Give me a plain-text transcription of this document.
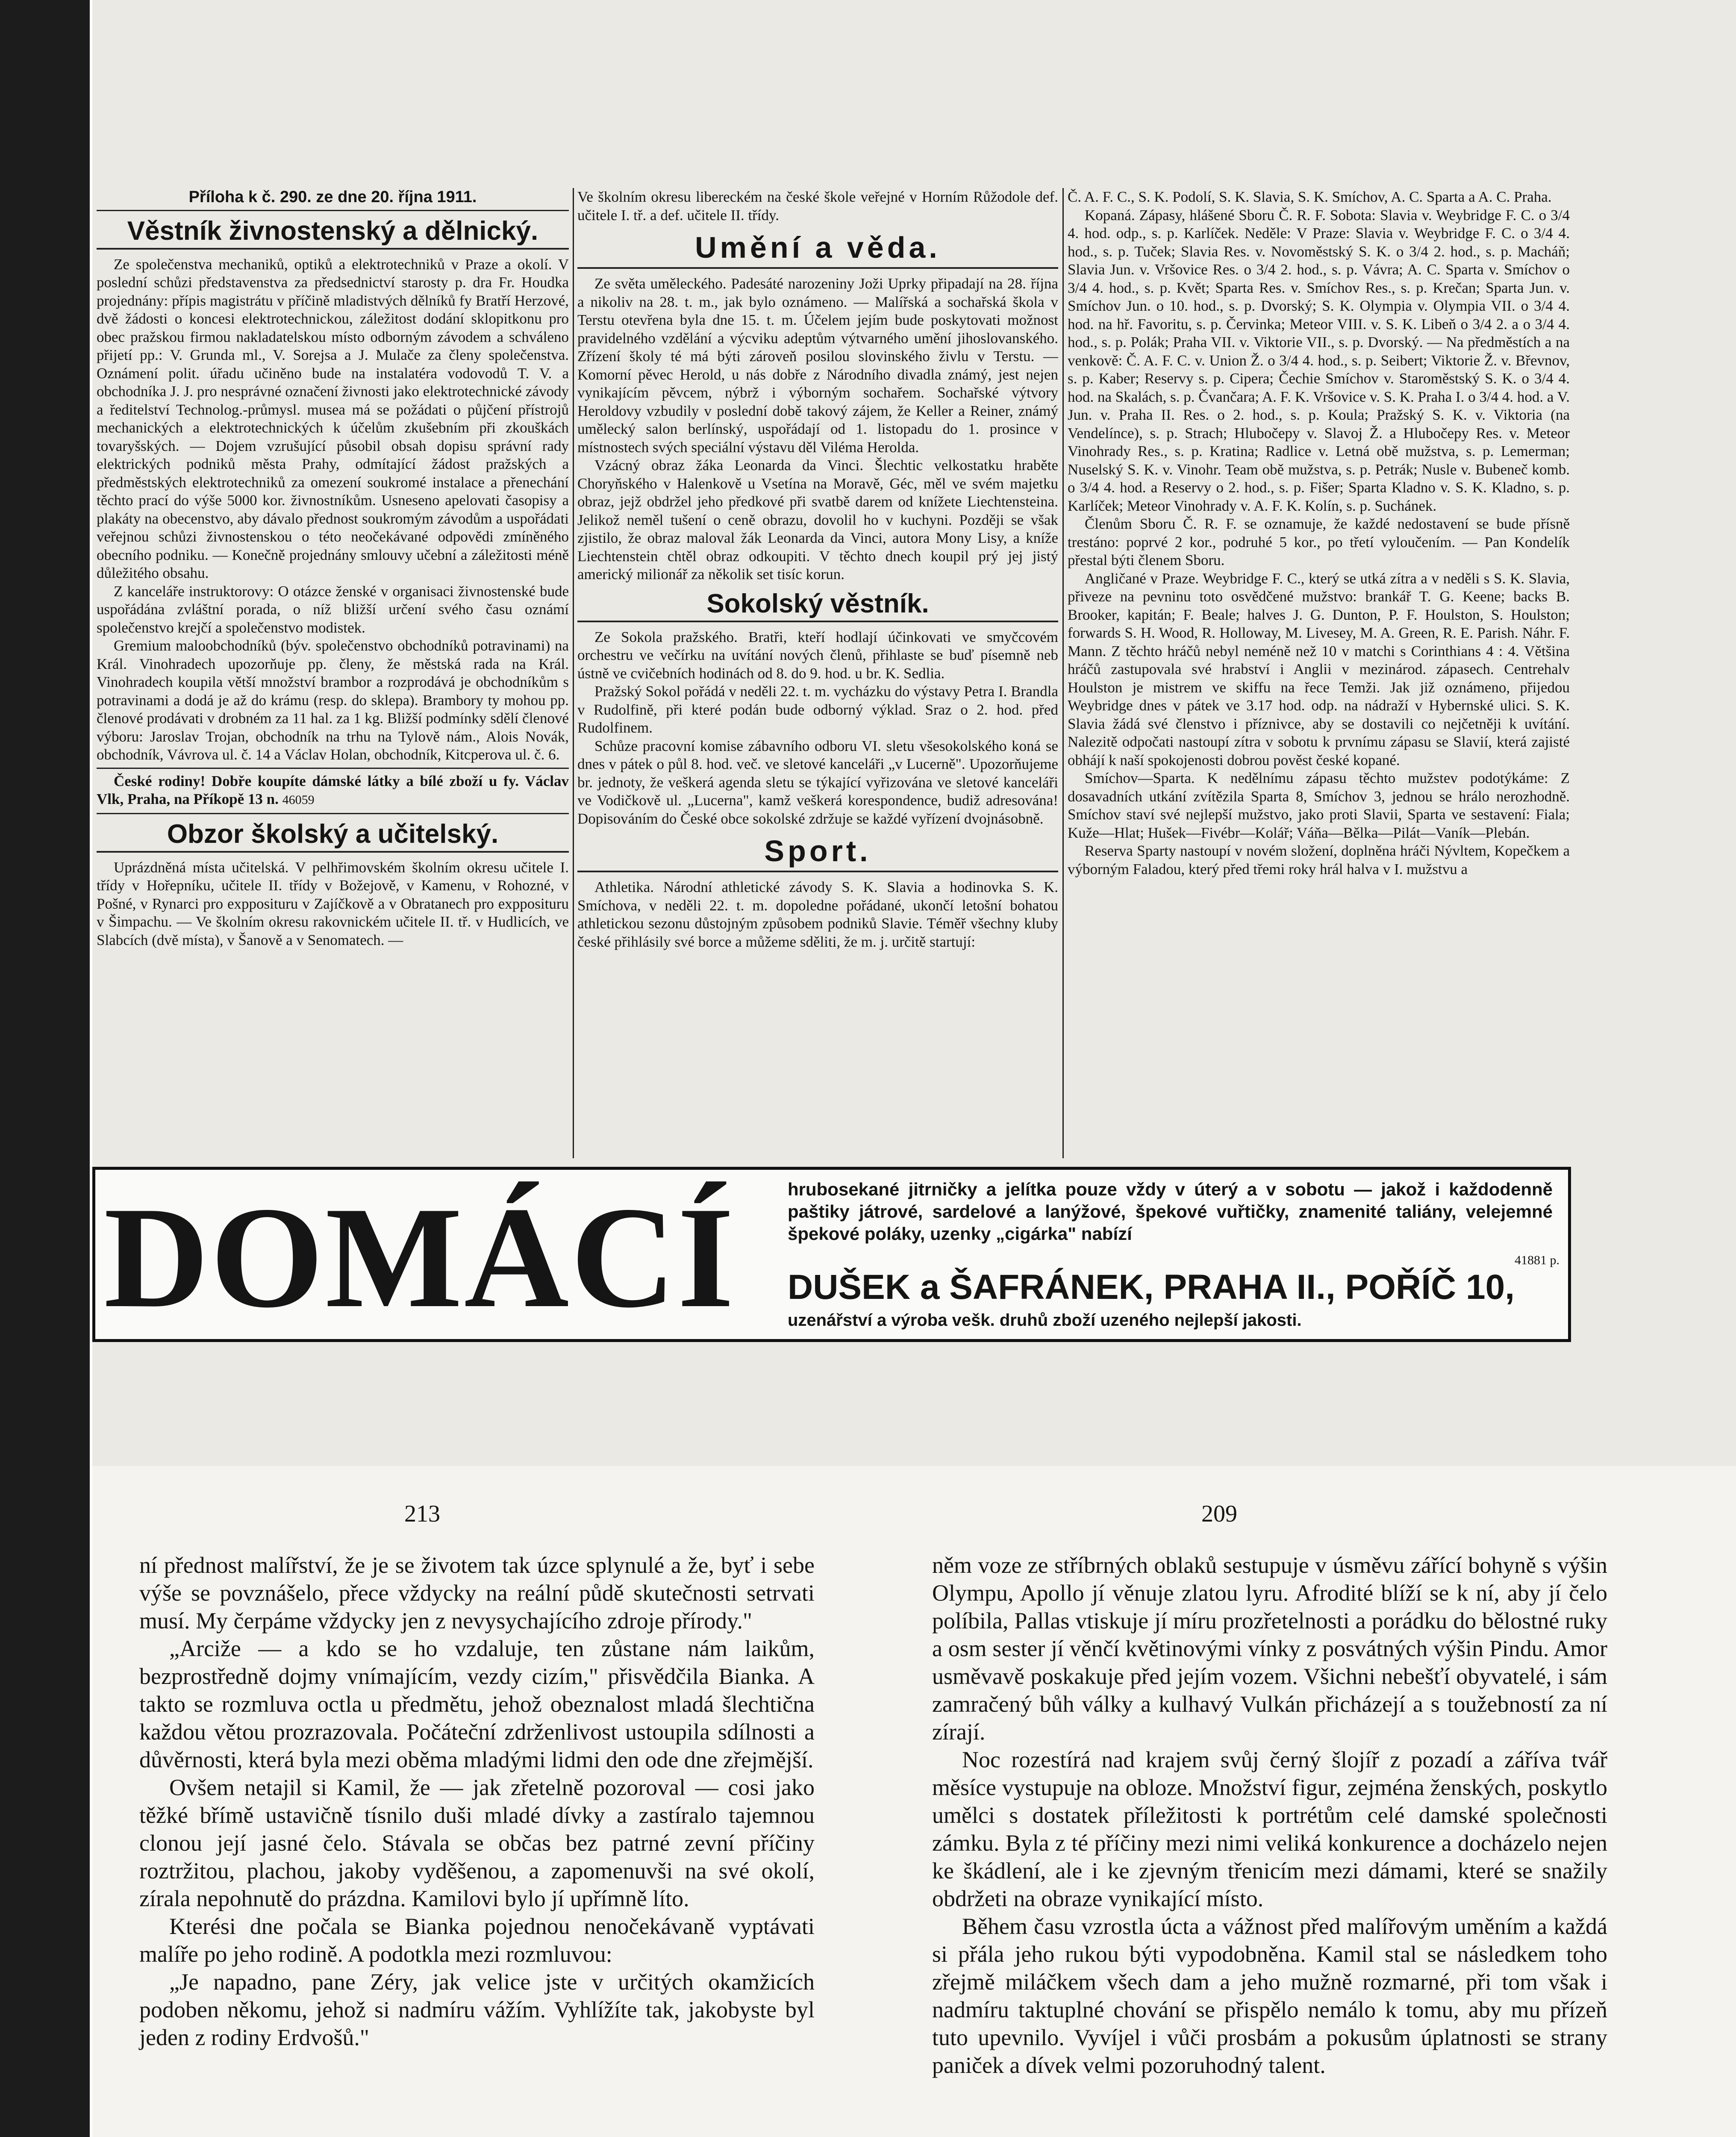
Příloha k č. 290. ze dne 20. října 1911.
Věstník živnostenský a dělnický.

Ze společenstva mechaniků, optiků a elektrotechniků v Praze a okolí. V poslední schůzi představenstva za předsednictví starosty p. dra Fr. Houdka projednány: přípis magistrátu v příčině mladistvých dělníků fy Bratří Herzové, dvě žádosti o koncesi elektrotechnickou, záležitost dodání sklopitkonu pro obec pražskou firmou nakladatelskou místo odborným závodem a schváleno přijetí pp.: V. Grunda ml., V. Sorejsa a J. Mulače za členy společenstva. Oznámení polit. úřadu učiněno bude na instalatéra vodovodů T. V. a obchodníka J. J. pro nesprávné označení živnosti jako elektrotechnické závody a ředitelství Technolog.-průmysl. musea má se požádati o půjčení přístrojů mechanických a elektrotechnických k účelům zkušebním při zkouškách tovaryšských. — Dojem vzrušující působil obsah dopisu správní rady elektrických podniků města Prahy, odmítající žádost pražských a předměstských elektrotechniků za omezení soukromé instalace a přenechání těchto prací do výše 5000 kor. živnostníkům. Usneseno apelovati časopisy a plakáty na obecenstvo, aby dávalo přednost soukromým závodům a uspořádati veřejnou schůzi živnostenskou o této neočekávané odpovědi zmíněného obecního podniku. — Konečně projednány smlouvy učební a záležitosti méně důležitého obsahu.

Z kanceláře instruktorovy: O otázce ženské v organisaci živnostenské bude uspořádána zvláštní porada, o níž bližší určení svého času oznámí společenstvo krejčí a společenstvo modistek.

Gremium maloobchodníků (býv. společenstvo obchodníků potravinami) na Král. Vinohradech upozorňuje pp. členy, že městská rada na Král. Vinohradech koupila větší množství brambor a rozprodává je obchodníkům s potravinami a dodá je až do krámu (resp. do sklepa). Brambory ty mohou pp. členové prodávati v drobném za 11 hal. za 1 kg. Bližší podmínky sdělí členové výboru: Jaroslav Trojan, obchodník na trhu na Tylově nám., Alois Novák, obchodník, Vávrova ul. č. 14 a Václav Holan, obchodník, Kitcperova ul. č. 6.

České rodiny! Dobře koupíte dámské látky a bílé zboží u fy. Václav Vlk, Praha, na Příkopě 13 n. 46059

Obzor školský a učitelský.

Uprázdněná místa učitelská. V pelhřimovském školním okresu učitele I. třídy v Hořepníku, učitele II. třídy v Božejově, v Kamenu, v Rohozné, v Pošné, v Rynarci pro expposituru v Zajíčkově a v Obratanech pro expposituru v Šimpachu. — Ve školním okresu rakovnickém učitele II. tř. v Hudlicích, ve Slabcích (dvě místa), v Šanově a v Senomatech. —

Ve školním okresu libereckém na české škole veřejné v Horním Růžodole def. učitele I. tř. a def. učitele II. třídy.

Umění a věda.

Ze světa uměleckého. Padesáté narozeniny Joži Uprky připadají na 28. října a nikoliv na 28. t. m., jak bylo oznámeno. — Malířská a sochařská škola v Terstu otevřena byla dne 15. t. m. Účelem jejím bude poskytovati možnost pravidelného vzdělání a výcviku adeptům výtvarného umění jihoslovanského. Zřízení školy té má býti zároveň posilou slovinského živlu v Terstu. — Komorní pěvec Herold, u nás dobře z Národního divadla známý, jest nejen vynikajícím pěvcem, nýbrž i výborným sochařem. Sochařské výtvory Heroldovy vzbudily v poslední době takový zájem, že Keller a Reiner, známý umělecký salon berlínský, uspořádají od 1. listopadu do 1. prosince v místnostech svých speciální výstavu děl Viléma Herolda.

Vzácný obraz žáka Leonarda da Vinci. Šlechtic velkostatku hraběte Choryňského v Halenkově u Vsetína na Moravě, Géc, měl ve svém majetku obraz, jejž obdržel jeho předkové při svatbě darem od knížete Liechtensteina. Jelikož neměl tušení o ceně obrazu, dovolil ho v kuchyni. Později se však zjistilo, že obraz maloval žák Leonarda da Vinci, autora Mony Lisy, a kníže Liechtenstein chtěl obraz odkoupiti. V těchto dnech koupil prý jej jistý americký milionář za několik set tisíc korun.

Sokolský věstník.

Ze Sokola pražského. Bratři, kteří hodlají účinkovati ve smyčcovém orchestru ve večírku na uvítání nových členů, přihlaste se buď písemně neb ústně ve cvičebních hodinách od 8. do 9. hod. u br. K. Sedlia.

Pražský Sokol pořádá v neděli 22. t. m. vycházku do výstavy Petra I. Brandla v Rudolfině, při které podán bude odborný výklad. Sraz o 2. hod. před Rudolfinem.

Schůze pracovní komise zábavního odboru VI. sletu všesokolského koná se dnes v pátek o půl 8. hod. več. ve sletové kanceláři „v Lucerně". Upozorňujeme br. jednoty, že veškerá agenda sletu se týkající vyřizována ve sletové kanceláři ve Vodičkově ul. „Lucerna", kamž veškerá korespondence, budiž adresována! Dopisováním do České obce sokolské zdržuje se každé vyřízení dvojnásobně.

Sport.

Athletika. Národní athletické závody S. K. Slavia a hodinovka S. K. Smíchova, v neděli 22. t. m. dopoledne pořádané, ukončí letošní bohatou athletickou sezonu důstojným způsobem podniků Slavie. Téměř všechny kluby české přihlásily své borce a můžeme sděliti, že m. j. určitě startují:

Č. A. F. C., S. K. Podolí, S. K. Slavia, S. K. Smíchov, A. C. Sparta a A. C. Praha.

Kopaná. Zápasy, hlášené Sboru Č. R. F. Sobota: Slavia v. Weybridge F. C. o 3/4 4. hod. odp., s. p. Karlíček. Neděle: V Praze: Slavia v. Weybridge F. C. o 3/4 4. hod., s. p. Tuček; Slavia Res. v. Novoměstský S. K. o 3/4 2. hod., s. p. Macháň; Slavia Jun. v. Vršovice Res. o 3/4 2. hod., s. p. Vávra; A. C. Sparta v. Smíchov o 3/4 4. hod., s. p. Květ; Sparta Res. v. Smíchov Res., s. p. Krečan; Sparta Jun. v. Smíchov Jun. o 10. hod., s. p. Dvorský; S. K. Olympia v. Olympia VII. o 3/4 4. hod. na hř. Favoritu, s. p. Červinka; Meteor VIII. v. S. K. Libeň o 3/4 2. a o 3/4 4. hod., s. p. Polák; Praha VII. v. Viktorie VII., s. p. Dvorský. — Na předměstích a na venkově: Č. A. F. C. v. Union Ž. o 3/4 4. hod., s. p. Seibert; Viktorie Ž. v. Břevnov, s. p. Kaber; Reservy s. p. Cipera; Čechie Smíchov v. Staroměstský S. K. o 3/4 4. hod. na Skalách, s. p. Čvančara; A. F. K. Vršovice v. S. K. Praha I. o 3/4 4. hod. a V. Jun. v. Praha II. Res. o 2. hod., s. p. Koula; Pražský S. K. v. Viktoria (na Vendelínce), s. p. Strach; Hlubočepy v. Slavoj Ž. a Hlubočepy Res. v. Meteor Vinohrady Res., s. p. Kratina; Radlice v. Letná obě mužstva, s. p. Lemerman; Nuselský S. K. v. Vinohr. Team obě mužstva, s. p. Petrák; Nusle v. Bubeneč komb. o 3/4 4. hod. a Reservy o 2. hod., s. p. Fišer; Sparta Kladno v. S. K. Kladno, s. p. Karlíček; Meteor Vinohrady v. A. F. K. Kolín, s. p. Suchánek.

Členům Sboru Č. R. F. se oznamuje, že každé nedostavení se bude přísně trestáno: poprvé 2 kor., podruhé 5 kor., po třetí vyloučením. — Pan Kondelík přestal býti členem Sboru.

Angličané v Praze. Weybridge F. C., který se utká zítra a v neděli s S. K. Slavia, přiveze na pevninu toto osvědčené mužstvo: brankář T. G. Keene; backs B. Brooker, kapitán; F. Beale; halves J. G. Dunton, P. F. Houlston, S. Houlston; forwards S. H. Wood, R. Holloway, M. Livesey, M. A. Green, R. E. Parish. Náhr. F. Mann. Z těchto hráčů nebyl neméně než 10 v matchi s Corinthians 4 : 4. Většina hráčů zastupovala své hrabství i Anglii v mezinárod. zápasech. Centrehalv Houlston je mistrem ve skiffu na řece Temži. Jak již oznámeno, přijedou Weybridge dnes v pátek ve 3.17 hod. odp. na nádraží v Hybernské ulici. S. K. Slavia žádá své členstvo i příznivce, aby se dostavili co nejčetněji k uvítání. Nalezitě odpočati nastoupí zítra v sobotu k prvnímu zápasu se Slavií, která zajisté obhájí k naší spokojenosti dobrou pověst české kopané.

Smíchov—Sparta. K nedělnímu zápasu těchto mužstev podotýkáme: Z dosavadních utkání zvítězila Sparta 8, Smíchov 3, jednou se hrálo nerozhodně. Smíchov staví své nejlepší mužstvo, jako proti Slavii, Sparta ve sestavení: Fiala; Kuže—Hlat; Hušek—Fivébr—Kolář; Váňa—Bělka—Pilát—Vaník—Plebán.

Reserva Sparty nastoupí v novém složení, doplněna hráči Nývltem, Kopečkem a výborným Faladou, který před třemi roky hrál halva v I. mužstvu a

DOMÁCÍ	hrubosekané jitrničky a jelítka pouze vždy v úterý a v sobotu — jakož i každodenně paštiky játrové, sardelové a lanýžové, špekové vuřtičky, znamenité taliány, velejemné špekové poláky, uzenky „cigárka" nabízí
41881 p.
DUŠEK a ŠAFRÁNEK, PRAHA II., POŘÍČ 10,
uzenářství a výroba vešk. druhů zboží uzeného nejlepší jakosti.
213	209

ní přednost malířství, že je se životem tak úzce splynulé a že, byť i sebe výše se povznášelo, přece vždycky na reální půdě skutečnosti setrvati musí. My čerpáme vždycky jen z nevysychajícího zdroje přírody."

„Arciže — a kdo se ho vzdaluje, ten zůstane nám laikům, bezprostředně dojmy vnímajícím, vezdy cizím," přisvědčila Bianka. A takto se rozmluva octla u předmětu, jehož obeznalost mladá šlechtična každou větou prozrazovala. Počáteční zdrženlivost ustoupila sdílnosti a důvěrnosti, která byla mezi oběma mladými lidmi den ode dne zřejmější.

Ovšem netajil si Kamil, že — jak zřetelně pozoroval — cosi jako těžké břímě ustavičně tísnilo duši mladé dívky a zastíralo tajemnou clonou její jasné čelo. Stávala se občas bez patrné zevní příčiny roztržitou, plachou, jakoby vyděšenou, a zapomenuvši na své okolí, zírala nepohnutě do prázdna. Kamilovi bylo jí upřímně líto.

Kterési dne počala se Bianka pojednou nenočekávaně vyptávati malíře po jeho rodině. A podotkla mezi rozmluvou:

„Je napadno, pane Zéry, jak velice jste v určitých okamžicích podoben někomu, jehož si nadmíru vážím. Vyhlížíte tak, jakobyste byl jeden z rodiny Erdvošů."

něm voze ze stříbrných oblaků sestupuje v úsměvu zářící bohyně s výšin Olympu, Apollo jí věnuje zlatou lyru. Afrodité blíží se k ní, aby jí čelo políbila, Pallas vtiskuje jí míru prozřetelnosti a porádku do bělostné ruky a osm sester jí věnčí květinovými vínky z posvátných výšin Pindu. Amor usměvavě poskakuje před jejím vozem. Všichni nebešťí obyvatelé, i sám zamračený bůh války a kulhavý Vulkán přicházejí a s toužebností za ní zírají.

Noc rozestírá nad krajem svůj černý šlojíř z pozadí a záříva tvář měsíce vystupuje na obloze. Množství figur, zejména ženských, poskytlo umělci s dostatek příležitosti k portrétům celé damské společnosti zámku. Byla z té příčiny mezi nimi veliká konkurence a docházelo nejen ke škádlení, ale i ke zjevným třenicím mezi dámami, které se snažily obdržeti na obraze vynikající místo.

Během času vzrostla úcta a vážnost před malířovým uměním a každá si přála jeho rukou býti vypodobněna. Kamil stal se následkem toho zřejmě miláčkem všech dam a jeho mužně rozmarné, při tom však i nadmíru taktuplné chování se přispělo nemálo k tomu, aby mu přízeň tuto upevnilo. Vyvíjel i vůči prosbám a pokusům úplatnosti se strany paniček a dívek velmi pozoruhodný talent.
